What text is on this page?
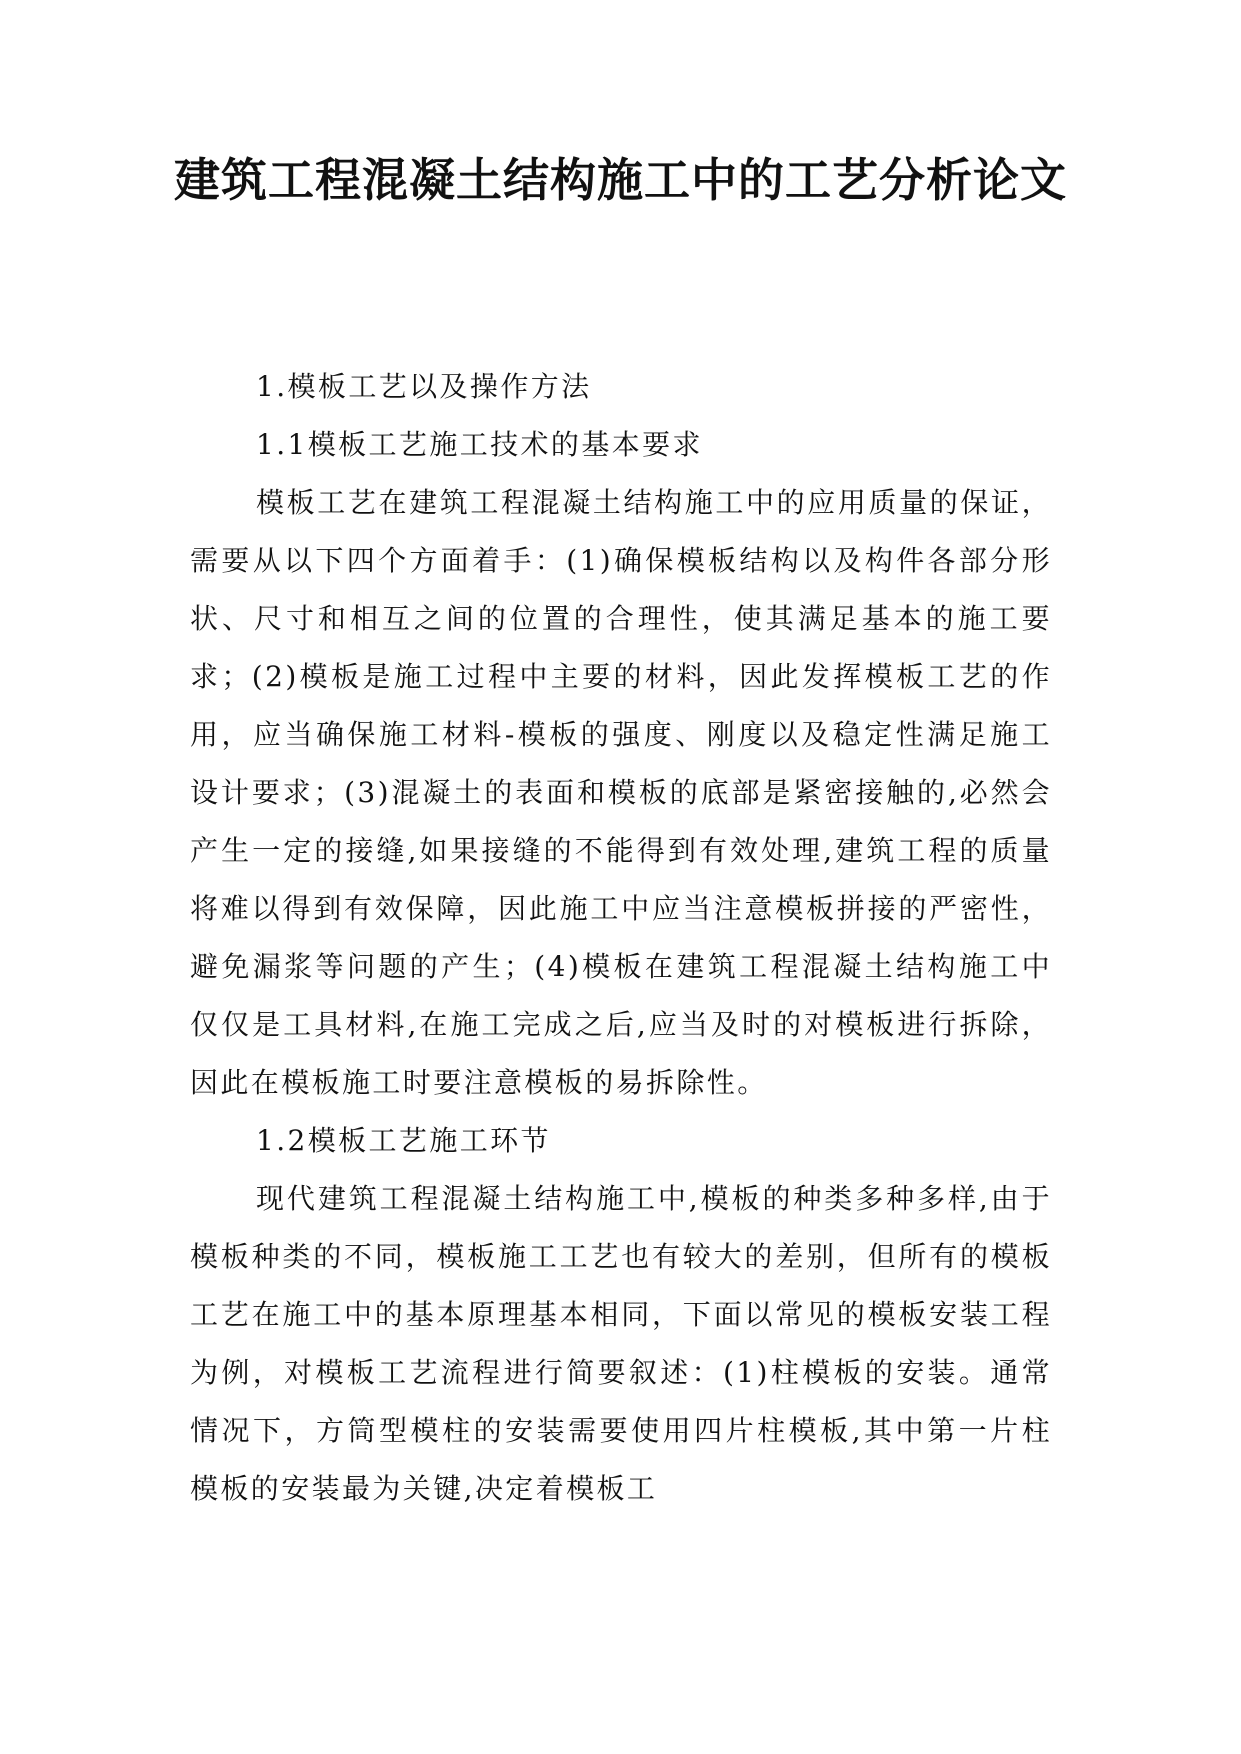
建筑工程混凝土结构施工中的工艺分析论文

1.模板工艺以及操作方法

1.1模板工艺施工技术的基本要求

模板工艺在建筑工程混凝土结构施工中的应用质量的保证，需要从以下四个方面着手：(1)确保模板结构以及构件各部分形状、尺寸和相互之间的位置的合理性，使其满足基本的施工要求；(2)模板是施工过程中主要的材料，因此发挥模板工艺的作用，应当确保施工材料-模板的强度、刚度以及稳定性满足施工设计要求；(3)混凝土的表面和模板的底部是紧密接触的,必然会产生一定的接缝,如果接缝的不能得到有效处理,建筑工程的质量将难以得到有效保障，因此施工中应当注意模板拼接的严密性，避免漏浆等问题的产生；(4)模板在建筑工程混凝土结构施工中仅仅是工具材料,在施工完成之后,应当及时的对模板进行拆除，因此在模板施工时要注意模板的易拆除性。

1.2模板工艺施工环节

现代建筑工程混凝土结构施工中,模板的种类多种多样,由于模板种类的不同，模板施工工艺也有较大的差别，但所有的模板工艺在施工中的基本原理基本相同，下面以常见的模板安装工程为例，对模板工艺流程进行简要叙述：(1)柱模板的安装。通常情况下，方筒型模柱的安装需要使用四片柱模板,其中第一片柱模板的安装最为关键,决定着模板工
